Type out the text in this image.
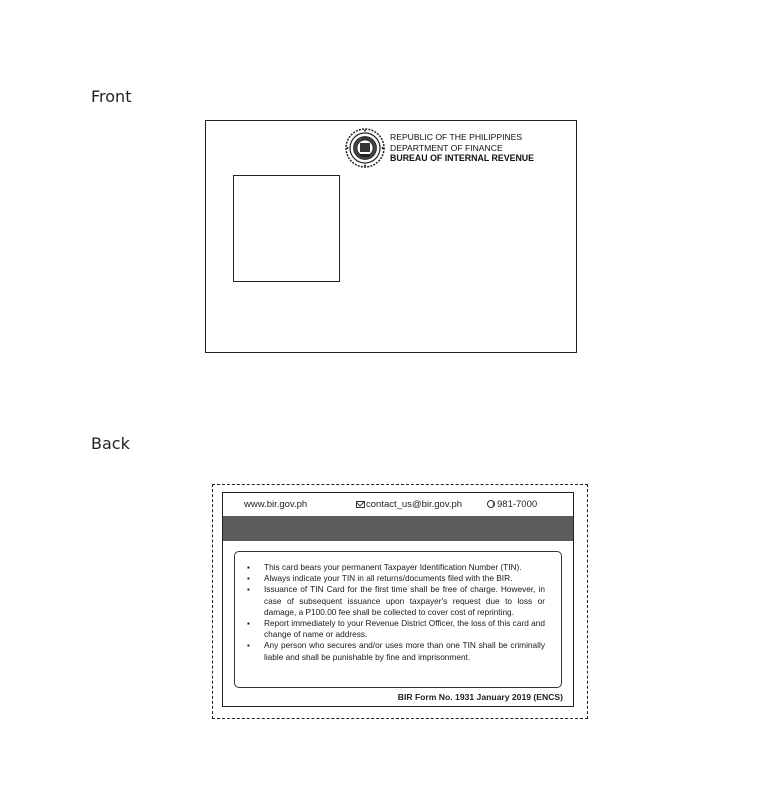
Front
REPUBLIC OF THE PHILIPPINES
DEPARTMENT OF FINANCE
BUREAU OF INTERNAL REVENUE
Back
www.bir.gov.ph	contact_us@bir.gov.ph	981-7000
▪ This card bears your permanent Taxpayer Identification Number (TIN).
▪ Always indicate your TIN in all returns/documents filed with the BIR.
▪ Issuance of TIN Card for the first time shall be free of charge. However, in case of subsequent issuance upon taxpayer's request due to loss or damage, a P100.00 fee shall be collected to cover cost of reprinting.
▪ Report immediately to your Revenue District Officer, the loss of this card and change of name or address.
▪ Any person who secures and/or uses more than one TIN shall be criminally liable and shall be punishable by fine and imprisonment.
BIR Form No. 1931 January 2019 (ENCS)
